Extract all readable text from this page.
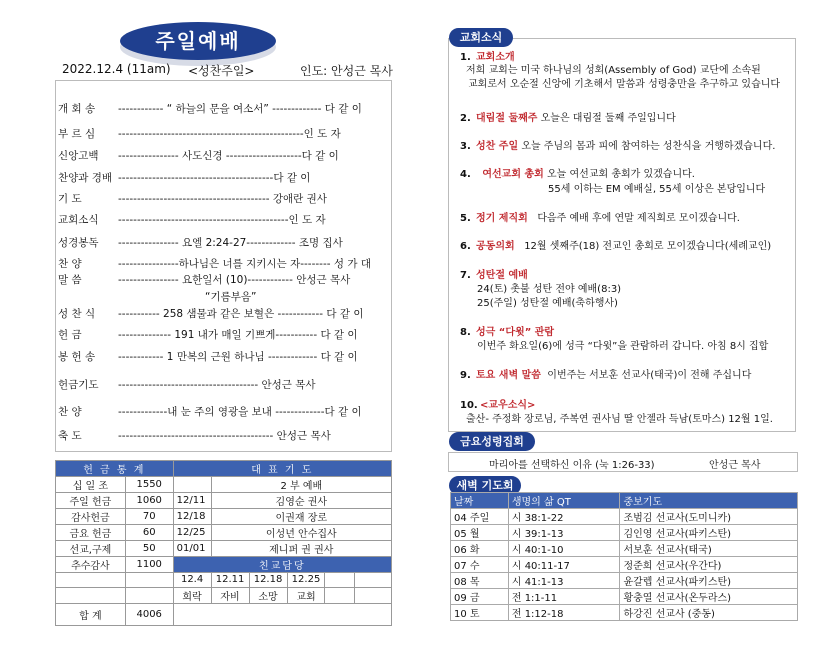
주일예배
2022.12.4 (11am) <성찬주일>	인도: 안성근 목사
개 회 송 ------------ “ 하늘의 문을 여소서” ------------- 다 같 이
부 르 심 -------------------------------------------------인 도 자
신앙고백 ---------------- 사도신경 --------------------다 같 이
찬양과 경배 -----------------------------------------다 같 이
기 도	---------------------------------------- 강애란 권사
교회소식 ---------------------------------------------인 도 자
성경봉독 ---------------- 요엘 2:24-27------------- 조명 집사
찬 양	----------------하나님은 너를 지키시는 자-------- 성 가 대
말 씀	---------------- 요한일서 (10)------------ 안성근 목사
“기름부음”
성 찬 식 ----------- 258 샘물과 같은 보혈은 ------------ 다 같 이
헌 금	-------------- 191 내가 매일 기쁘게----------- 다 같 이
봉 헌 송 ------------ 1 만복의 근원 하나님 ------------- 다 같 이
헌금기도 ------------------------------------- 안성근 목사
찬 양	-------------내 눈 주의 영광을 보내 -------------다 같 이
축 도	----------------------------------------- 안성근 목사
헌 금 통 계		대 표 기 도					
십 일 조	1550		2 부 예배				
주일 헌금	1060	12/11	김영순 권사				
감사헌금	70	12/18	이권재 장로				
금요 헌금	60	12/25	이성년 안수집사				
선교,구제	50	01/01	제니퍼 권 권사				
추수감사	1100	친교담당					
		12.4	12.11	12.18	12.25		
		희락	자비	소망	교회		
합 계	4006						
교회소식
1. 교회소개
저희 교회는 미국 하나님의 성회(Assembly of God) 교단에 소속된
교회로서 오순절 신앙에 기초해서 말씀과 성령충만을 추구하고 있습니다
2. 대림절 둘째주 오늘은 대림절 둘째 주일입니다
3. 성찬 주일 오늘 주님의 몸과 피에 참여하는 성찬식을 거행하겠습니다.
4. 여선교회 총회 오늘 여선교회 총회가 있겠습니다.
55세 이하는 EM 예배실, 55세 이상은 본당입니다
5. 정기 제직회 다음주 예배 후에 연말 제직회로 모이겠습니다.
6. 공동의회 12월 셋째주(18) 전교인 총회로 모이겠습니다(세례교인)
7. 성탄절 예배
24(토) 촛불 성탄 전야 예배(8:3)
25(주일) 성탄절 예배(축하행사)
8. 성극 “다윗” 관람
이번주 화요일(6)에 성극 “다윗”을 관람하러 갑니다. 아침 8시 집합
9. 토요 새벽 말씀 이번주는 서보훈 선교사(태국)이 전해 주십니다
10. <교우소식>
출산- 주정화 장로님, 주복연 권사님 딸 안젤라 득남(토마스) 12월 1일.
금요성령집회
마리아를 선택하신 이유 (눅 1:26-33)	안성근 목사
새벽 기도회
날짜	생명의 삶 QT	중보기도
04 주일	시 38:1-22	조범김 선교사(도미니카)
05 월	시 39:1-13	김인영 선교사(파키스탄)
06 화	시 40:1-10	서보훈 선교사(태국)
07 수	시 40:11-17	정준희 선교사(우간다)
08 목	시 41:1-13	윤갈렙 선교사(파키스탄)
09 금	전 1:1-11	황충열 선교사(온두라스)
10 토	전 1:12-18	하강진 선교사 (중동)
